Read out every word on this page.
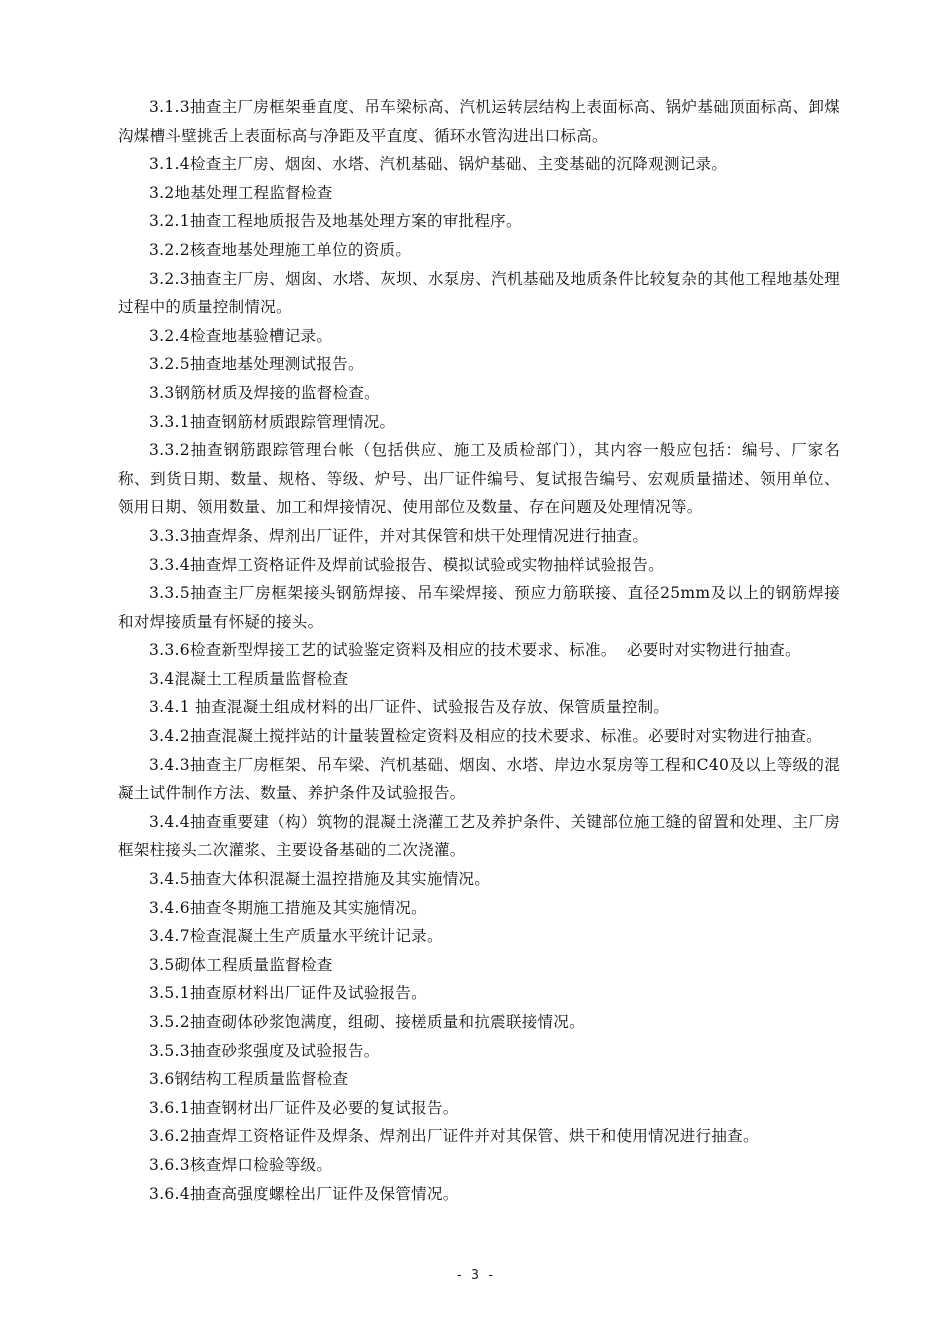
3.1.3抽查主厂房框架垂直度、吊车梁标高、汽机运转层结构上表面标高、锅炉基础顶面标高、卸煤沟煤槽斗壁挑舌上表面标高与净距及平直度、循环水管沟进出口标高。

3.1.4检查主厂房、烟囱、水塔、汽机基础、锅炉基础、主变基础的沉降观测记录。

3.2地基处理工程监督检查

3.2.1抽查工程地质报告及地基处理方案的审批程序。

3.2.2核查地基处理施工单位的资质。

3.2.3抽查主厂房、烟囱、水塔、灰坝、水泵房、汽机基础及地质条件比较复杂的其他工程地基处理过程中的质量控制情况。

3.2.4检查地基验槽记录。

3.2.5抽查地基处理测试报告。

3.3钢筋材质及焊接的监督检查。

3.3.1抽查钢筋材质跟踪管理情况。

3.3.2抽查钢筋跟踪管理台帐（包括供应、施工及质检部门），其内容一般应包括：编号、厂家名称、到货日期、数量、规格、等级、炉号、出厂证件编号、复试报告编号、宏观质量描述、领用单位、领用日期、领用数量、加工和焊接情况、使用部位及数量、存在问题及处理情况等。

3.3.3抽查焊条、焊剂出厂证件，并对其保管和烘干处理情况进行抽查。

3.3.4抽查焊工资格证件及焊前试验报告、模拟试验或实物抽样试验报告。

3.3.5抽查主厂房框架接头钢筋焊接、吊车梁焊接、预应力筋联接、直径25mm及以上的钢筋焊接和对焊接质量有怀疑的接头。

3.3.6检查新型焊接工艺的试验鉴定资料及相应的技术要求、标准。  必要时对实物进行抽查。

3.4混凝土工程质量监督检查

3.4.1 抽查混凝土组成材料的出厂证件、试验报告及存放、保管质量控制。

3.4.2抽查混凝土搅拌站的计量装置检定资料及相应的技术要求、标准。必要时对实物进行抽查。

3.4.3抽查主厂房框架、吊车梁、汽机基础、烟囱、水塔、岸边水泵房等工程和C40及以上等级的混凝土试件制作方法、数量、养护条件及试验报告。

3.4.4抽查重要建（构）筑物的混凝土浇灌工艺及养护条件、关键部位施工缝的留置和处理、主厂房框架柱接头二次灌浆、主要设备基础的二次浇灌。

3.4.5抽查大体积混凝土温控措施及其实施情况。

3.4.6抽查冬期施工措施及其实施情况。

3.4.7检查混凝土生产质量水平统计记录。

3.5砌体工程质量监督检查

3.5.1抽查原材料出厂证件及试验报告。

3.5.2抽查砌体砂浆饱满度，组砌、接槎质量和抗震联接情况。

3.5.3抽查砂浆强度及试验报告。

3.6钢结构工程质量监督检查

3.6.1抽查钢材出厂证件及必要的复试报告。

3.6.2抽查焊工资格证件及焊条、焊剂出厂证件并对其保管、烘干和使用情况进行抽查。

3.6.3核查焊口检验等级。

3.6.4抽查高强度螺栓出厂证件及保管情况。

- 3 -
